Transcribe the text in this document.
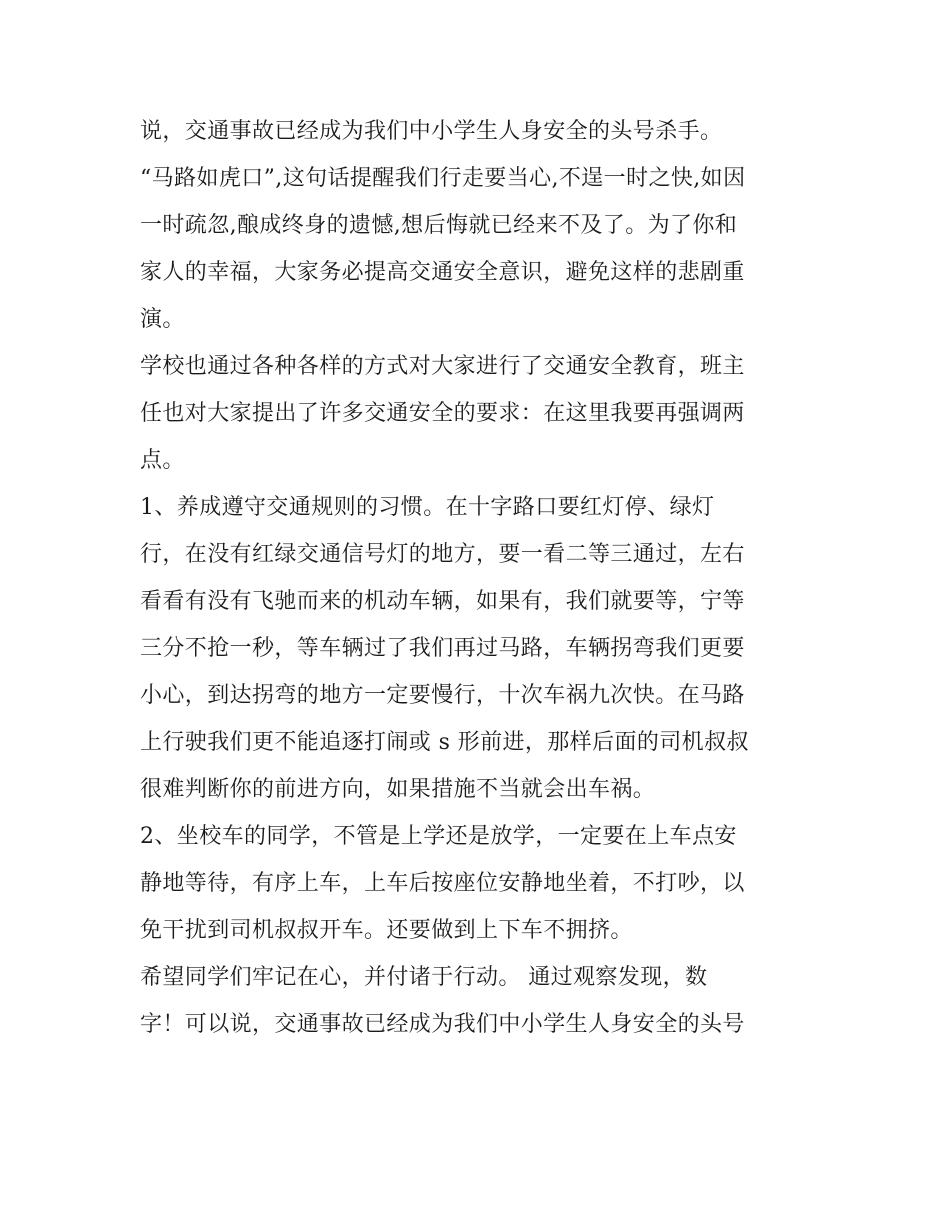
说，交通事故已经成为我们中小学生人身安全的头号杀手。
“马路如虎口”,这句话提醒我们行走要当心,不逞一时之快,如因
一时疏忽,酿成终身的遗憾,想后悔就已经来不及了。为了你和
家人的幸福，大家务必提高交通安全意识，避免这样的悲剧重
演。
学校也通过各种各样的方式对大家进行了交通安全教育，班主
任也对大家提出了许多交通安全的要求：在这里我要再强调两
点。
1、养成遵守交通规则的习惯。在十字路口要红灯停、绿灯
行，在没有红绿交通信号灯的地方，要一看二等三通过，左右
看看有没有飞驰而来的机动车辆，如果有，我们就要等，宁等
三分不抢一秒，等车辆过了我们再过马路，车辆拐弯我们更要
小心，到达拐弯的地方一定要慢行，十次车祸九次快。在马路
上行驶我们更不能追逐打闹或 s 形前进，那样后面的司机叔叔
很难判断你的前进方向，如果措施不当就会出车祸。
2、坐校车的同学，不管是上学还是放学，一定要在上车点安
静地等待，有序上车，上车后按座位安静地坐着，不打吵，以
免干扰到司机叔叔开车。还要做到上下车不拥挤。
希望同学们牢记在心，并付诸于行动。 通过观察发现，数
字！可以说，交通事故已经成为我们中小学生人身安全的头号
